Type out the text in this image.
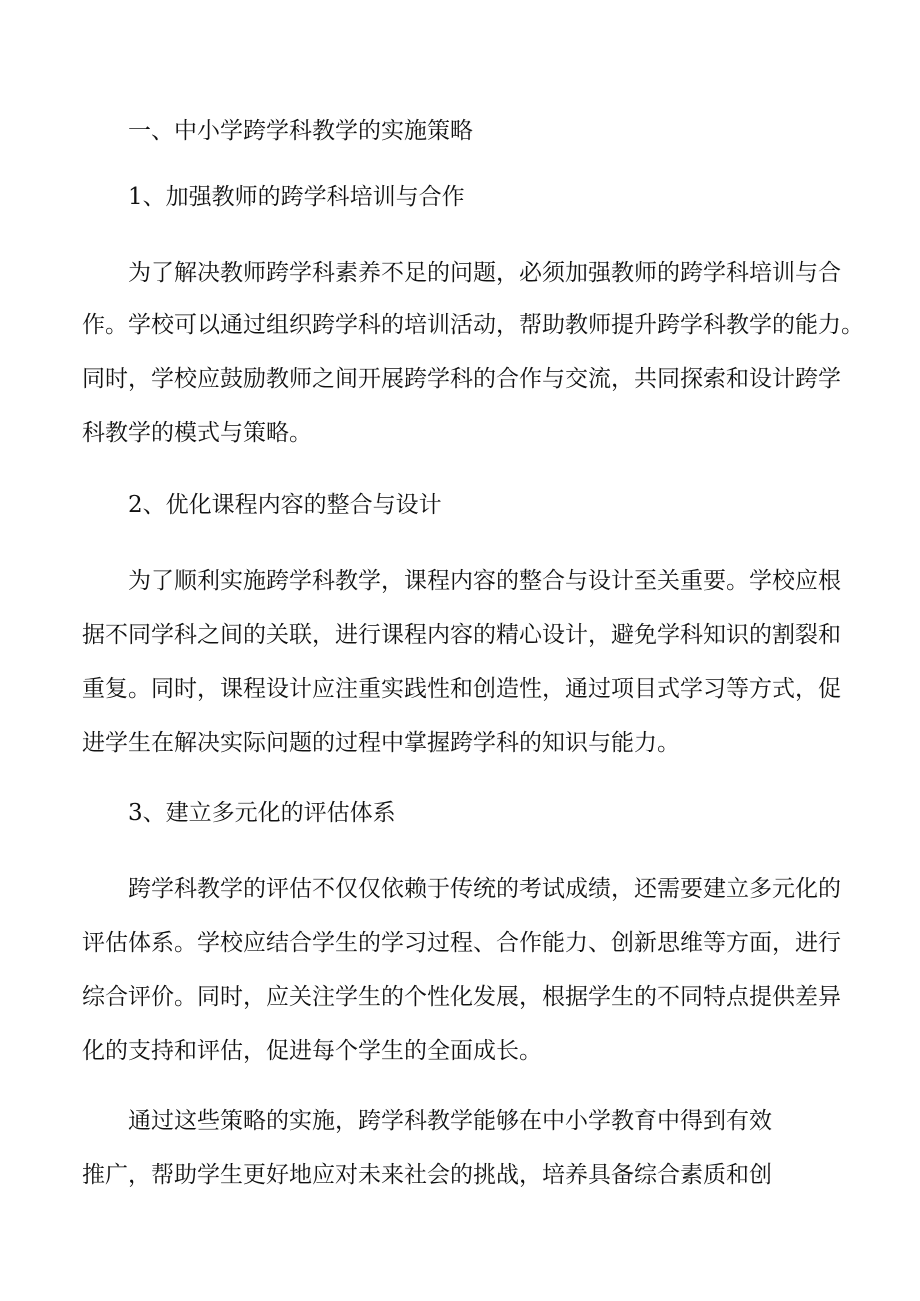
一、中小学跨学科教学的实施策略
1、加强教师的跨学科培训与合作
为了解决教师跨学科素养不足的问题，必须加强教师的跨学科培训与合
作。学校可以通过组织跨学科的培训活动，帮助教师提升跨学科教学的能力。
同时，学校应鼓励教师之间开展跨学科的合作与交流，共同探索和设计跨学
科教学的模式与策略。
2、优化课程内容的整合与设计
为了顺利实施跨学科教学，课程内容的整合与设计至关重要。学校应根
据不同学科之间的关联，进行课程内容的精心设计，避免学科知识的割裂和
重复。同时，课程设计应注重实践性和创造性，通过项目式学习等方式，促
进学生在解决实际问题的过程中掌握跨学科的知识与能力。
3、建立多元化的评估体系
跨学科教学的评估不仅仅依赖于传统的考试成绩，还需要建立多元化的
评估体系。学校应结合学生的学习过程、合作能力、创新思维等方面，进行
综合评价。同时，应关注学生的个性化发展，根据学生的不同特点提供差异
化的支持和评估，促进每个学生的全面成长。
通过这些策略的实施，跨学科教学能够在中小学教育中得到有效
推广，帮助学生更好地应对未来社会的挑战，培养具备综合素质和创
